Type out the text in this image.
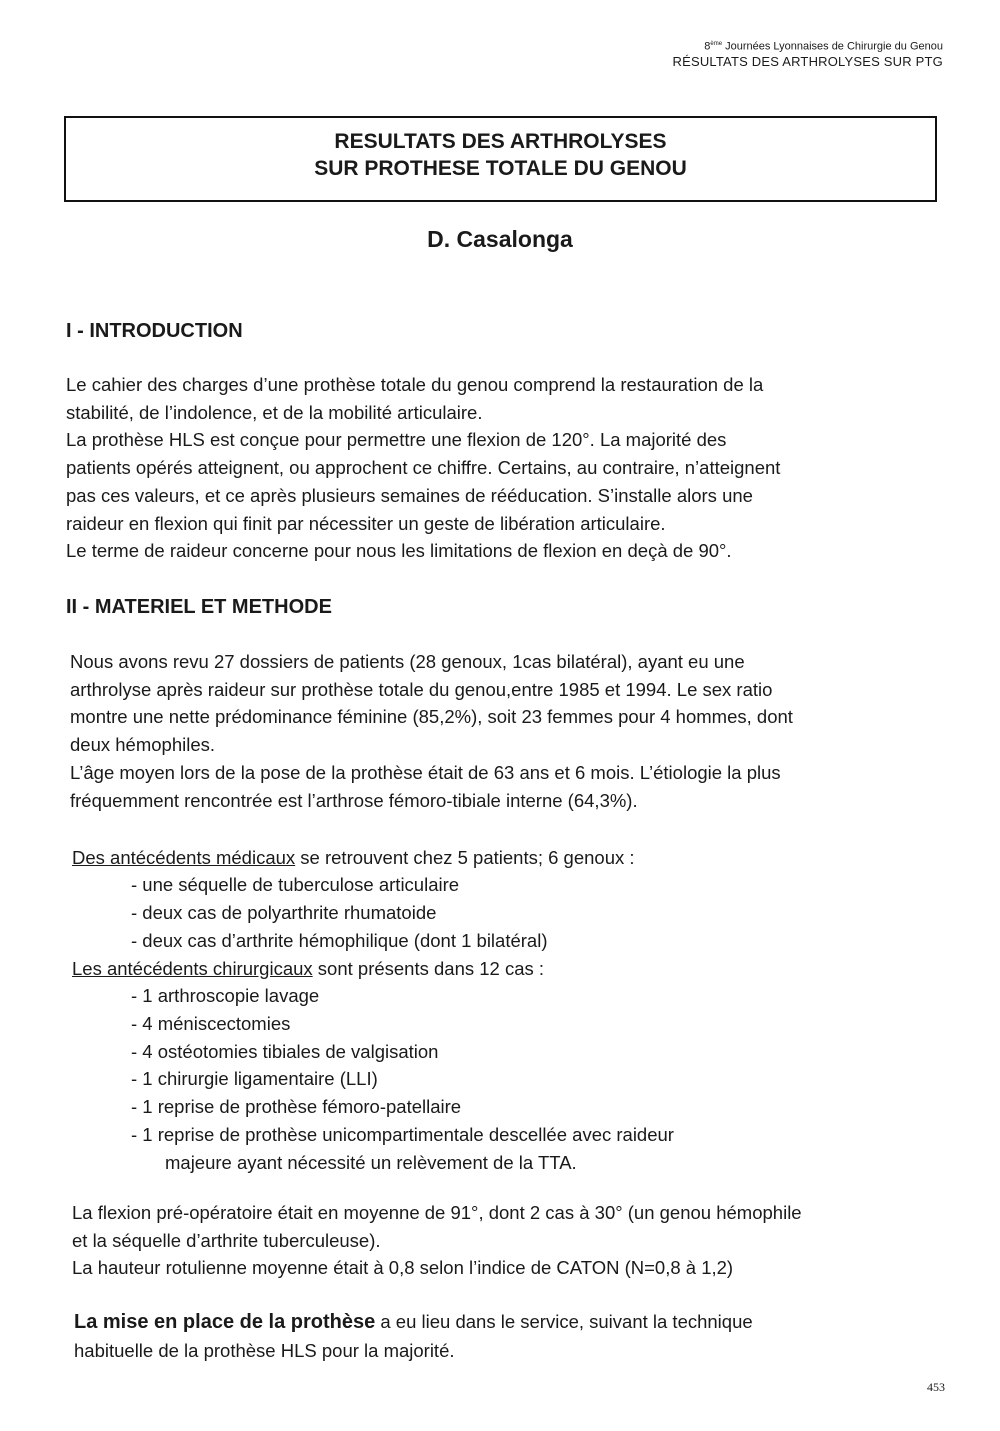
8ème Journées Lyonnaises de Chirurgie du Genou
RÉSULTATS DES ARTHROLYSES SUR PTG
RESULTATS DES ARTHROLYSES
SUR PROTHESE TOTALE DU GENOU
D. Casalonga
I - INTRODUCTION
Le cahier des charges d’une prothèse totale du genou comprend la restauration de la
stabilité, de l’indolence, et de la mobilité articulaire.
La prothèse HLS est conçue pour permettre une flexion de 120°. La majorité des
patients opérés atteignent, ou approchent ce chiffre. Certains, au contraire, n’atteignent
pas ces valeurs, et ce après plusieurs semaines de rééducation. S’installe alors une
raideur en flexion qui finit par nécessiter un geste de libération articulaire.
Le terme de raideur concerne pour nous les limitations de flexion en deçà de 90°.
II - MATERIEL ET METHODE
Nous avons revu 27 dossiers de patients (28 genoux, 1cas bilatéral), ayant eu une
arthrolyse après raideur sur prothèse totale du genou,entre 1985 et 1994. Le sex ratio
montre une nette prédominance féminine (85,2%), soit 23 femmes pour 4 hommes, dont
deux hémophiles.
L’âge moyen lors de la pose de la prothèse était de 63 ans et 6 mois. L’étiologie la plus
fréquemment rencontrée est l’arthrose fémoro-tibiale interne (64,3%).
Des antécédents médicaux se retrouvent chez 5 patients; 6 genoux :
- une séquelle de tuberculose articulaire
- deux cas de polyarthrite rhumatoide
- deux cas d’arthrite hémophilique (dont 1 bilatéral)
Les antécédents chirurgicaux sont présents dans 12 cas :
- 1 arthroscopie lavage
- 4 méniscectomies
- 4 ostéotomies tibiales de valgisation
- 1 chirurgie ligamentaire (LLI)
- 1 reprise de prothèse fémoro-patellaire
- 1 reprise de prothèse unicompartimentale descellée avec raideur
majeure ayant nécessité un relèvement de la TTA.
La flexion pré-opératoire était en moyenne de 91°, dont 2 cas à 30° (un genou hémophile
et la séquelle d’arthrite tuberculeuse).
La hauteur rotulienne moyenne était à 0,8 selon l’indice de CATON (N=0,8 à 1,2)
La mise en place de la prothèse a eu lieu dans le service, suivant la technique
habituelle de la prothèse HLS pour la majorité.
453
